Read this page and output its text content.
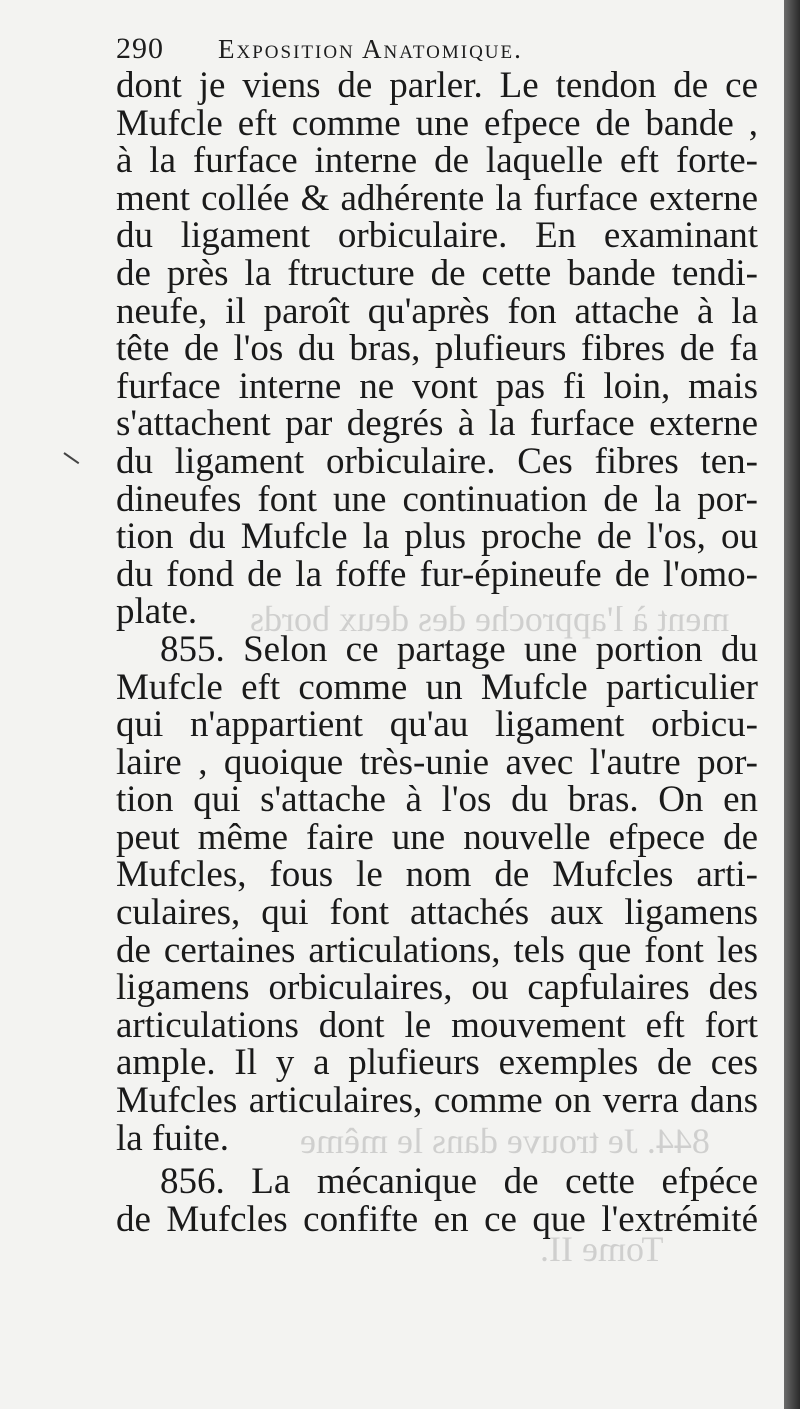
290 Exposition Anatomique.
ment à l'approche des deux bords
844. Je trouve dans le même
Tome II.
dont je viens de parler. Le tendon de ce
Mufcle eft comme une efpece de bande ,
à la furface interne de laquelle eft forte-
ment collée & adhérente la furface externe
du ligament orbiculaire. En examinant
de près la ftructure de cette bande tendi-
neufe, il paroît qu'après fon attache à la
tête de l'os du bras, plufieurs fibres de fa
furface interne ne vont pas fi loin, mais
s'attachent par degrés à la furface externe
du ligament orbiculaire. Ces fibres ten-
dineufes font une continuation de la por-
tion du Mufcle la plus proche de l'os, ou
du fond de la foffe fur-épineufe de l'omo-
plate.
855. Selon ce partage une portion du
Mufcle eft comme un Mufcle particulier
qui n'appartient qu'au ligament orbicu-
laire , quoique très-unie avec l'autre por-
tion qui s'attache à l'os du bras. On en
peut même faire une nouvelle efpece de
Mufcles, fous le nom de Mufcles arti-
culaires, qui font attachés aux ligamens
de certaines articulations, tels que font les
ligamens orbiculaires, ou capfulaires des
articulations dont le mouvement eft fort
ample. Il y a plufieurs exemples de ces
Mufcles articulaires, comme on verra dans
la fuite.
856. La mécanique de cette efpéce
de Mufcles confifte en ce que l'extrémité
